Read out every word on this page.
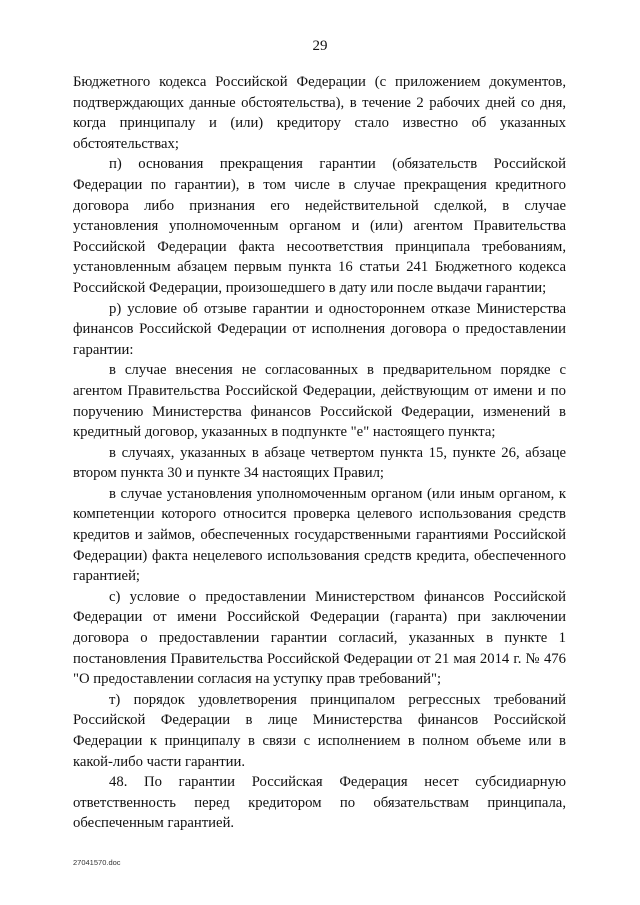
29

Бюджетного кодекса Российской Федерации (с приложением документов, подтверждающих данные обстоятельства), в течение 2 рабочих дней со дня, когда принципалу и (или) кредитору стало известно об указанных обстоятельствах;

п) основания прекращения гарантии (обязательств Российской Федерации по гарантии), в том числе в случае прекращения кредитного договора либо признания его недействительной сделкой, в случае установления уполномоченным органом и (или) агентом Правительства Российской Федерации факта несоответствия принципала требованиям, установленным абзацем первым пункта 16 статьи 241 Бюджетного кодекса Российской Федерации, произошедшего в дату или после выдачи гарантии;

р) условие об отзыве гарантии и одностороннем отказе Министерства финансов Российской Федерации от исполнения договора о предоставлении гарантии:

в случае внесения не согласованных в предварительном порядке с агентом Правительства Российской Федерации, действующим от имени и по поручению Министерства финансов Российской Федерации, изменений в кредитный договор, указанных в подпункте "е" настоящего пункта;

в случаях, указанных в абзаце четвертом пункта 15, пункте 26, абзаце втором пункта 30 и пункте 34 настоящих Правил;

в случае установления уполномоченным органом (или иным органом, к компетенции которого относится проверка целевого использования средств кредитов и займов, обеспеченных государственными гарантиями Российской Федерации) факта нецелевого использования средств кредита, обеспеченного гарантией;

с) условие о предоставлении Министерством финансов Российской Федерации от имени Российской Федерации (гаранта) при заключении договора о предоставлении гарантии согласий, указанных в пункте 1 постановления Правительства Российской Федерации от 21 мая 2014 г. № 476 "О предоставлении согласия на уступку прав требований";

т) порядок удовлетворения принципалом регрессных требований Российской Федерации в лице Министерства финансов Российской Федерации к принципалу в связи с исполнением в полном объеме или в какой-либо части гарантии.

48. По гарантии Российская Федерация несет субсидиарную ответственность перед кредитором по обязательствам принципала, обеспеченным гарантией.

27041570.doc
